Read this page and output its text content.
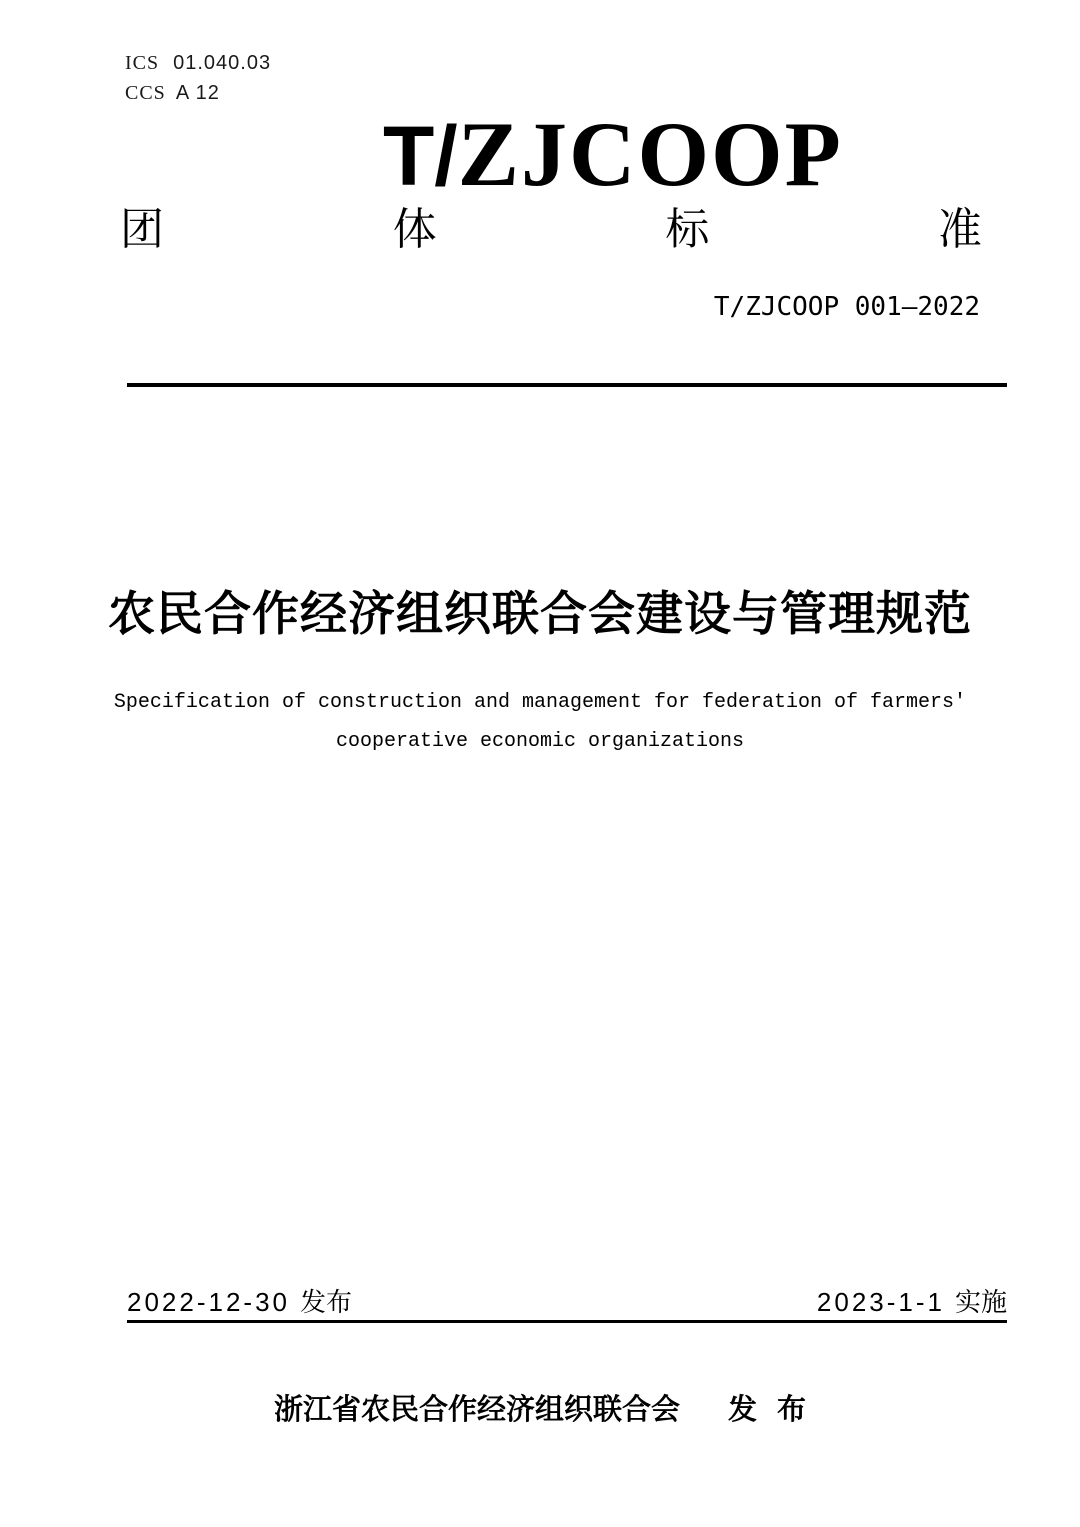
ICS 01.040.03
CCS A 12
T/ZJCOOP
团	体	标	准
T/ZJCOOP 001—2022
农民合作经济组织联合会建设与管理规范
Specification of construction and management for federation of farmers'
cooperative economic organizations
2022-12-30 发布	2023-1-1 实施
浙江省农民合作经济组织联合会 发 布
